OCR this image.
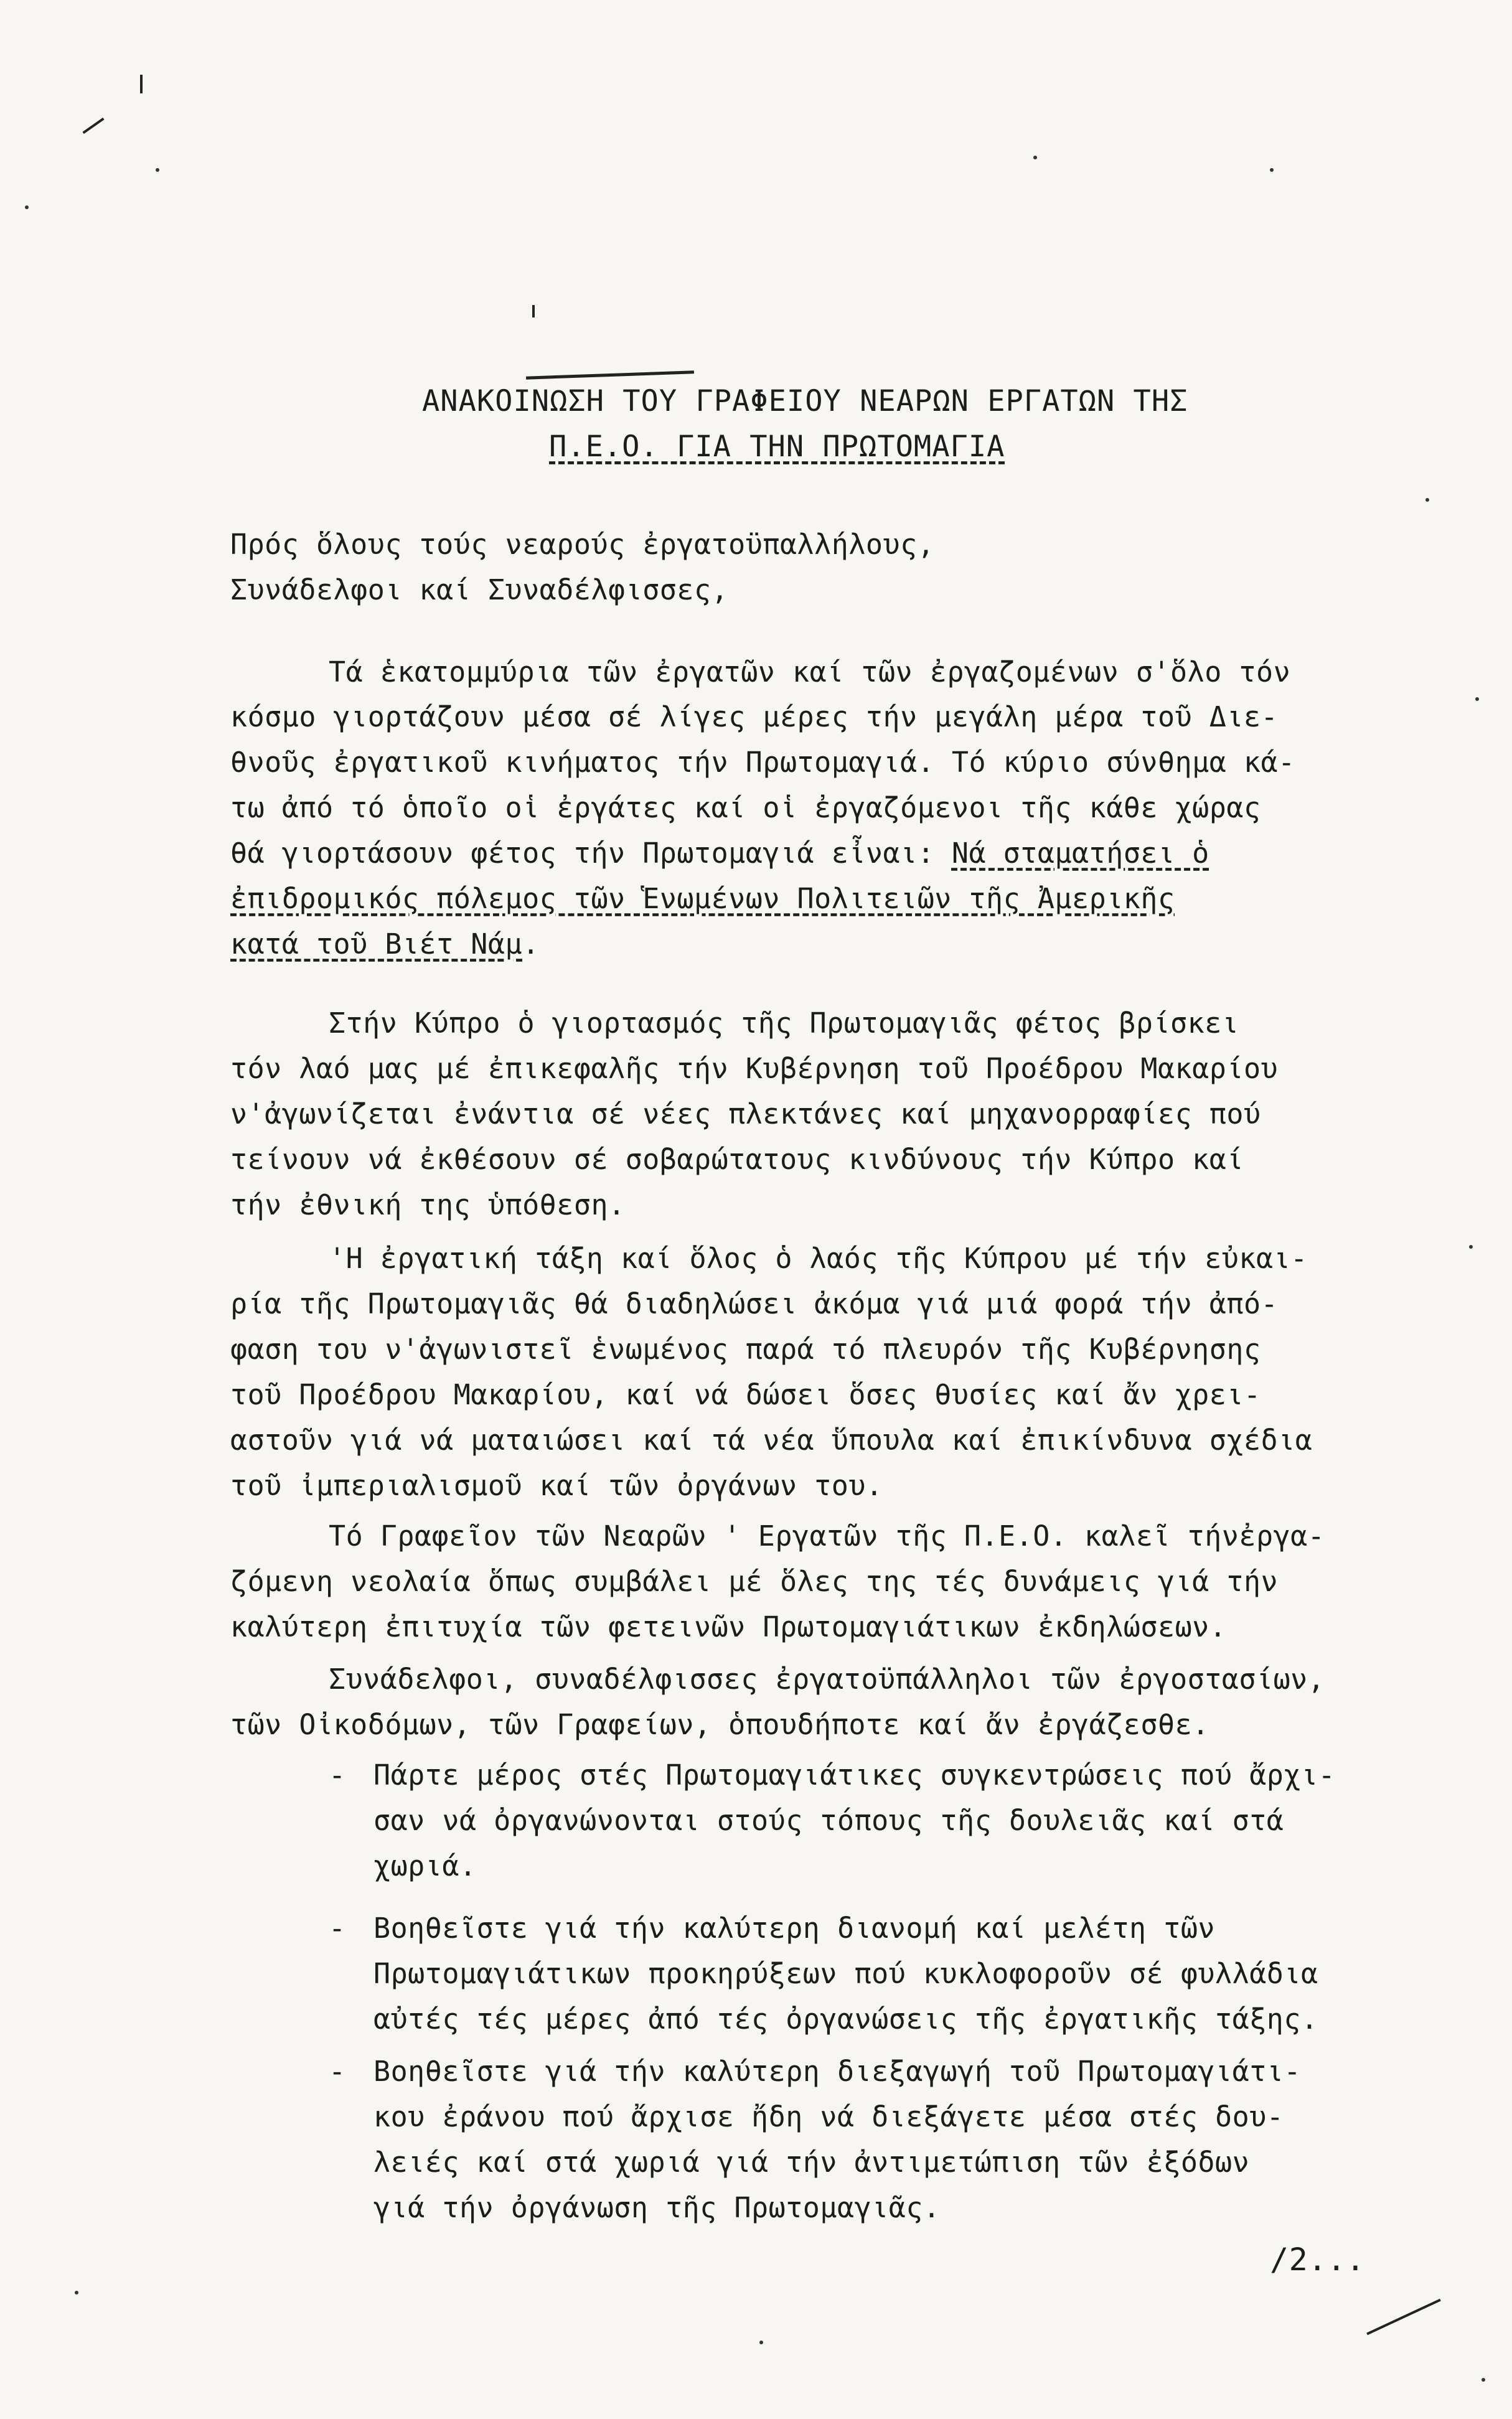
ΑΝΑΚΟΙΝΩΣΗ ΤΟΥ ΓΡΑΦΕΙΟΥ ΝΕΑΡΩΝ ΕΡΓΑΤΩΝ ΤΗΣ
Π.Ε.Ο. ΓΙΑ ΤΗΝ ΠΡΩΤΟΜΑΓΙΑ
Πρός ὅλους τούς νεαρούς ἐργατοϋπαλλήλους,
Συνάδελφοι καί Συναδέλφισσες,
Τά ἑκατομμύρια τῶν ἐργατῶν καί τῶν ἐργαζομένων σ'ὅλο τόν
κόσμο γιορτάζουν μέσα σέ λίγες μέρες τήν μεγάλη μέρα τοῦ Διε-
θνοῦς ἐργατικοῦ κινήματος τήν Πρωτομαγιά. Τό κύριο σύνθημα κά-
τω ἀπό τό ὁποῖο οἱ ἐργάτες καί οἱ ἐργαζόμενοι τῆς κάθε χώρας
θά γιορτάσουν φέτος τήν Πρωτομαγιά εἶναι: Νά σταματήσει ὁ
ἐπιδρομικός πόλεμος τῶν Ἑνωμένων Πολιτειῶν τῆς Ἀμερικῆς
κατά τοῦ Βιέτ Νάμ.
Στήν Κύπρο ὁ γιορτασμός τῆς Πρωτομαγιᾶς φέτος βρίσκει
τόν λαό μας μέ ἐπικεφαλῆς τήν Κυβέρνηση τοῦ Προέδρου Μακαρίου
ν'ἀγωνίζεται ἐνάντια σέ νέες πλεκτάνες καί μηχανορραφίες πού
τείνουν νά ἐκθέσουν σέ σοβαρώτατους κινδύνους τήν Κύπρο καί
τήν ἐθνική της ὑπόθεση.
'Η ἐργατική τάξη καί ὅλος ὁ λαός τῆς Κύπρου μέ τήν εὐκαι-
ρία τῆς Πρωτομαγιᾶς θά διαδηλώσει ἀκόμα γιά μιά φορά τήν ἀπό-
φαση του ν'ἀγωνιστεῖ ἑνωμένος παρά τό πλευρόν τῆς Κυβέρνησης
τοῦ Προέδρου Μακαρίου, καί νά δώσει ὅσες θυσίες καί ἄν χρει-
αστοῦν γιά νά ματαιώσει καί τά νέα ὕπουλα καί ἐπικίνδυνα σχέδια
τοῦ ἰμπεριαλισμοῦ καί τῶν ὀργάνων του.
Τό Γραφεῖον τῶν Νεαρῶν ' Εργατῶν τῆς Π.Ε.Ο. καλεῖ τήνἐργα-
ζόμενη νεολαία ὅπως συμβάλει μέ ὅλες της τές δυνάμεις γιά τήν
καλύτερη ἐπιτυχία τῶν φετεινῶν Πρωτομαγιάτικων ἐκδηλώσεων.
Συνάδελφοι, συναδέλφισσες ἐργατοϋπάλληλοι τῶν ἐργοστασίων,
τῶν Οἰκοδόμων, τῶν Γραφείων, ὁπουδήποτε καί ἄν ἐργάζεσθε.
- Πάρτε μέρος στές Πρωτομαγιάτικες συγκεντρώσεις πού ἄρχι-
σαν νά ὀργανώνονται στούς τόπους τῆς δουλειᾶς καί στά
χωριά.
- Βοηθεῖστε γιά τήν καλύτερη διανομή καί μελέτη τῶν
Πρωτομαγιάτικων προκηρύξεων πού κυκλοφοροῦν σέ φυλλάδια
αὐτές τές μέρες ἀπό τές ὀργανώσεις τῆς ἐργατικῆς τάξης.
- Βοηθεῖστε γιά τήν καλύτερη διεξαγωγή τοῦ Πρωτομαγιάτι-
κου ἐράνου πού ἄρχισε ἤδη νά διεξάγετε μέσα στές δου-
λειές καί στά χωριά γιά τήν ἀντιμετώπιση τῶν ἐξόδων
γιά τήν ὀργάνωση τῆς Πρωτομαγιᾶς.
/2...
